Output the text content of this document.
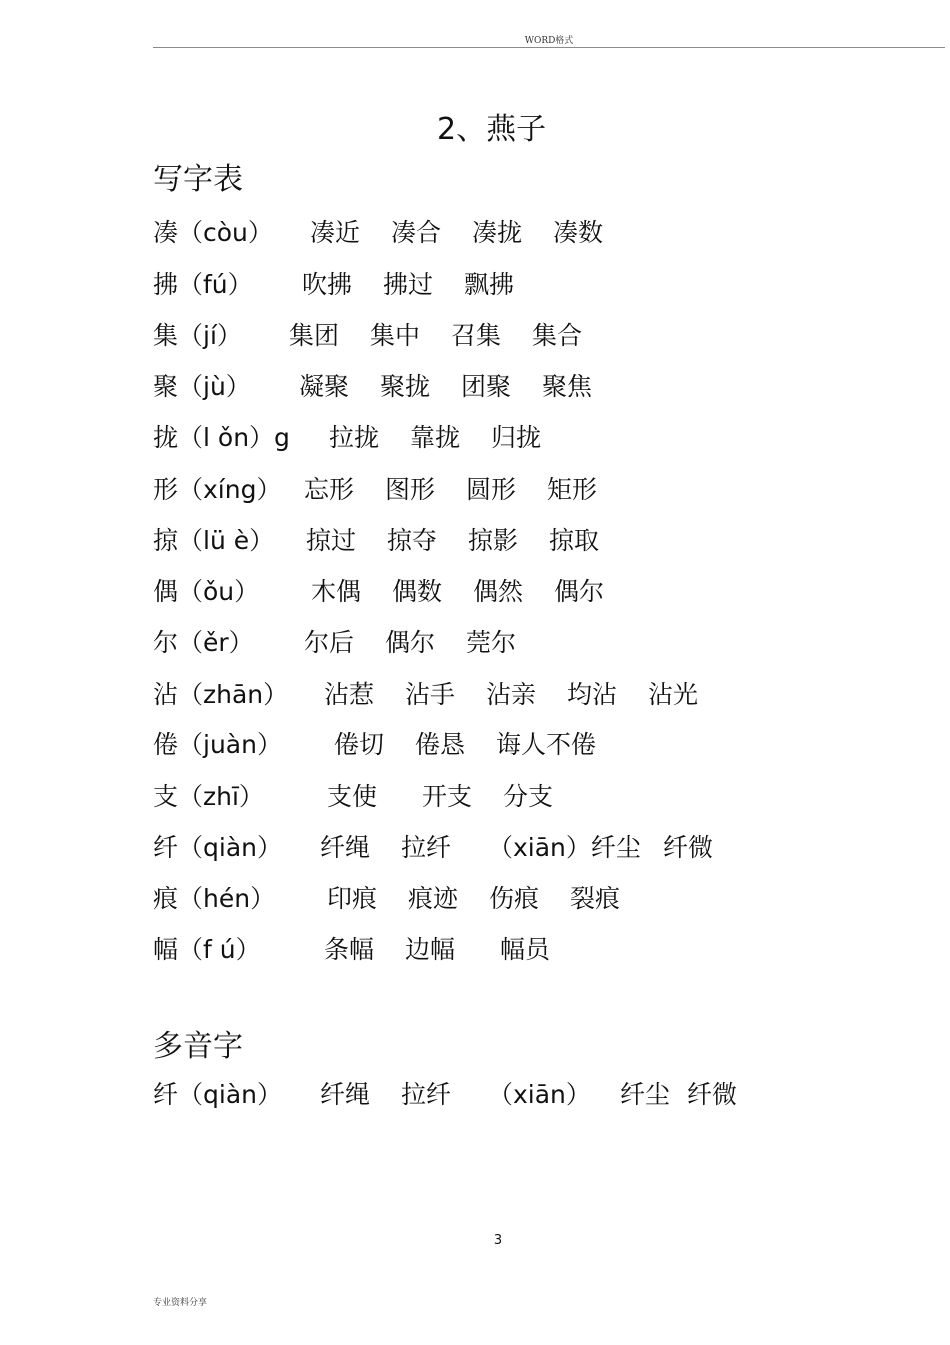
WORD格式
2、燕子
写字表
凑（còu） 凑近 凑合 凑拢 凑数
拂（fú） 吹拂 拂过 飘拂
集（jí） 集团 集中 召集 集合
聚（jù） 凝聚 聚拢 团聚 聚焦
拢（l ǒn）g 拉拢 靠拢 归拢
形（xíng） 忘形 图形 圆形 矩形
掠（lü è） 掠过 掠夺 掠影 掠取
偶（ǒu） 木偶 偶数 偶然 偶尔
尔（ěr） 尔后 偶尔 莞尔
沾（zhān） 沾惹 沾手 沾亲 均沾 沾光
倦（juàn） 倦切 倦恳 诲人不倦
支（zhī）	支使 开支 分支
纤（qiàn） 纤绳 拉纤 （xiān）纤尘 纤微
痕（hén） 印痕 痕迹 伤痕 裂痕
幅（f ú）	条幅 边幅 幅员
多音字
纤（qiàn） 纤绳 拉纤 （xiān） 纤尘 纤微
3
专业资料分享
